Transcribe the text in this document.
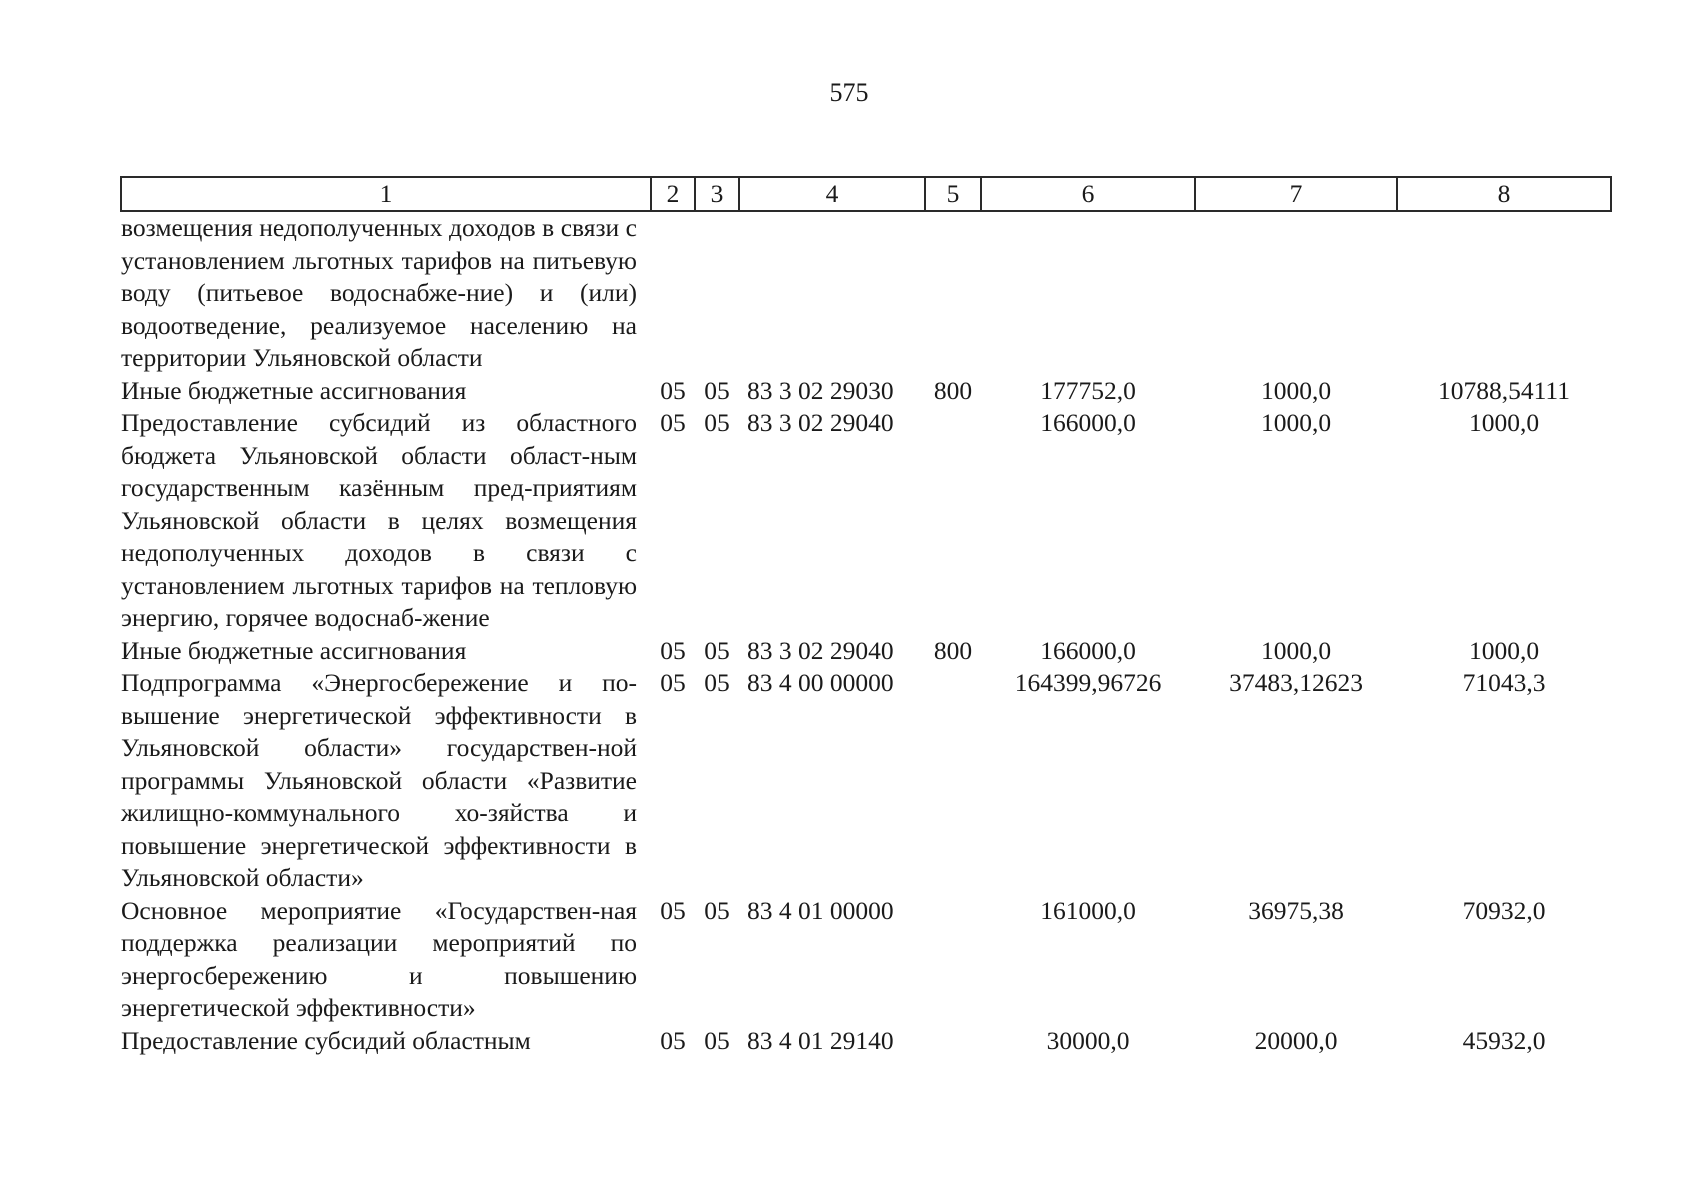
575
1	2	3	4	5	6	7	8
возмещения недополученных доходов в связи с установлением льготных тарифов на питьевую воду (питьевое водоснабже-ние) и (или) водоотведение, реализуемое населению на территории Ульяновской области							
Иные бюджетные ассигнования	05	05	83 3 02 29030	800	177752,0	1000,0	10788,54111
Предоставление субсидий из областного бюджета Ульяновской области област-ным государственным казённым пред-приятиям Ульяновской области в целях возмещения недополученных доходов в связи с установлением льготных тарифов на тепловую энергию, горячее водоснаб-жение	05	05	83 3 02 29040		166000,0	1000,0	1000,0
Иные бюджетные ассигнования	05	05	83 3 02 29040	800	166000,0	1000,0	1000,0
Подпрограмма «Энергосбережение и по-вышение энергетической эффективности в Ульяновской области» государствен-ной программы Ульяновской области «Развитие жилищно-коммунального хо-зяйства и повышение энергетической эффективности в Ульяновской области»	05	05	83 4 00 00000		164399,96726	37483,12623	71043,3
Основное мероприятие «Государствен-ная поддержка реализации мероприятий по энергосбережению и повышению энергетической эффективности»	05	05	83 4 01 00000		161000,0	36975,38	70932,0
Предоставление субсидий областным	05	05	83 4 01 29140		30000,0	20000,0	45932,0
